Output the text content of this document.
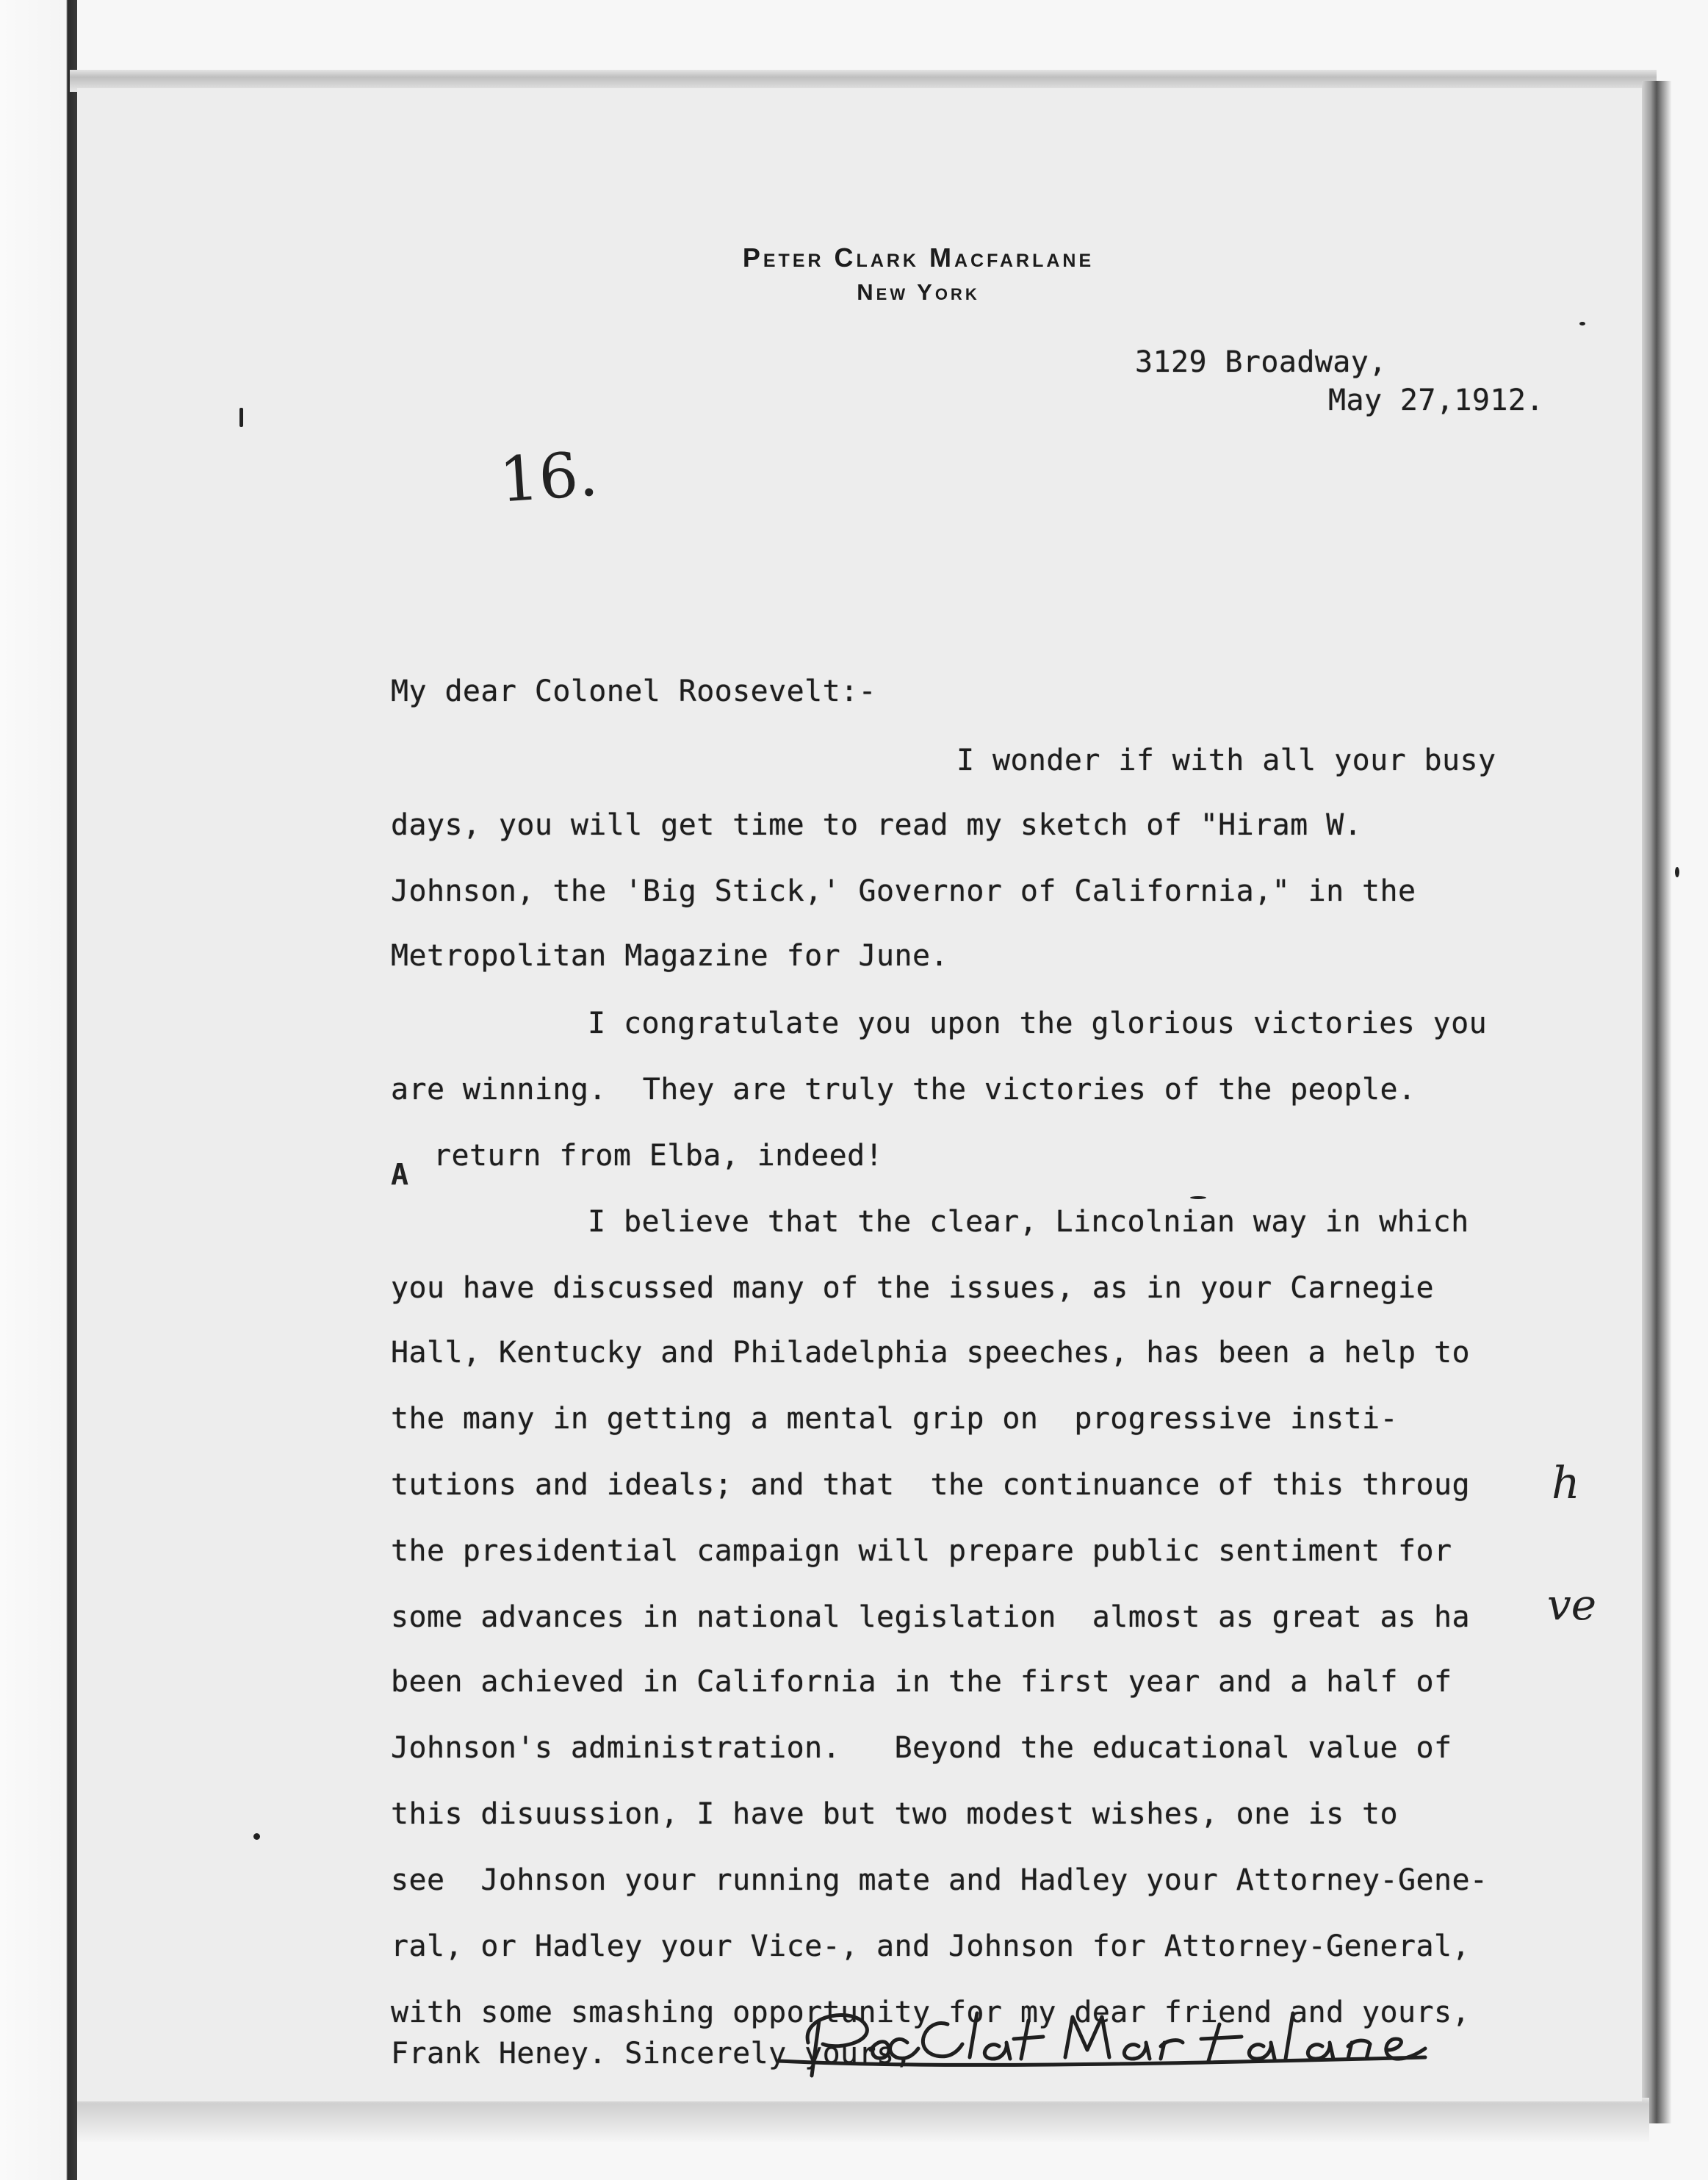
Peter Clark Macfarlane
New York
3129 Broadway,
May 27,1912.
16.
My dear Colonel Roosevelt:-
I wonder if with all your busy
days, you will get time to read my sketch of "Hiram W.
Johnson, the 'Big Stick,' Governor of California," in the
Metropolitan Magazine for June.
I congratulate you upon the glorious victories you
are winning.  They are truly the victories of the people.
A
return from Elba, indeed!
I believe that the clear, Lincolnian way in which
you have discussed many of the issues, as in your Carnegie
Hall, Kentucky and Philadelphia speeches, has been a help to
the many in getting a mental grip on  progressive insti-
tutions and ideals; and that  the continuance of this throug h
the presidential campaign will prepare public sentiment for
some advances in national legislation  almost as great as ha ve
been achieved in California in the first year and a half of
Johnson's administration.   Beyond the educational value of
this disuussion, I have but two modest wishes, one is to
see  Johnson your running mate and Hadley your Attorney-Gene-
ral, or Hadley your Vice-, and Johnson for Attorney-General,
with some smashing opportunity for my dear friend and yours,
Frank Heney. Sincerely yours,
